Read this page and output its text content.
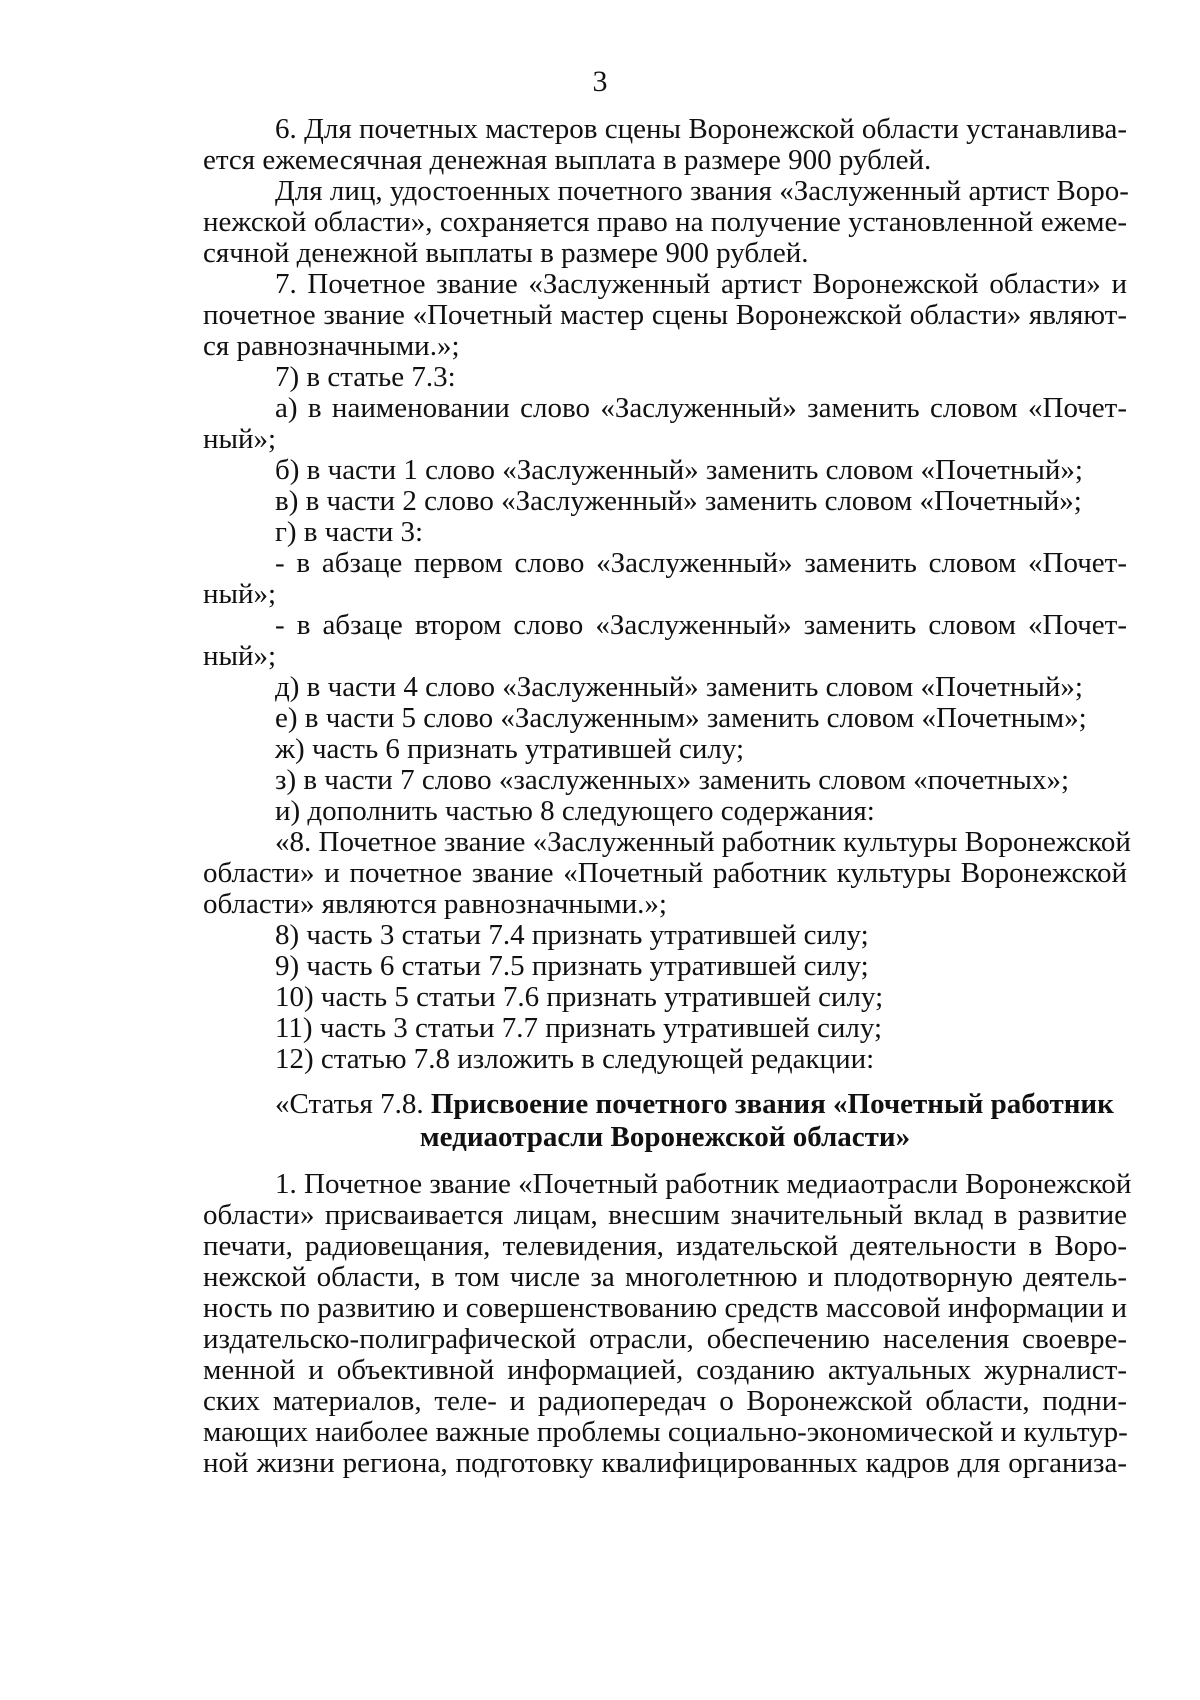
3
6. Для почетных мастеров сцены Воронежской области устанавлива-
ется ежемесячная денежная выплата в размере 900 рублей.
Для лиц, удостоенных почетного звания «Заслуженный артист Воро-
нежской области», сохраняется право на получение установленной ежеме-
сячной денежной выплаты в размере 900 рублей.
7. Почетное звание «Заслуженный артист Воронежской области» и
почетное звание «Почетный мастер сцены Воронежской области» являют-
ся равнозначными.»;
7) в статье 7.3:
а) в наименовании слово «Заслуженный» заменить словом «Почет-
ный»;
б) в части 1 слово «Заслуженный» заменить словом «Почетный»;
в) в части 2 слово «Заслуженный» заменить словом «Почетный»;
г) в части 3:
- в абзаце первом слово «Заслуженный» заменить словом «Почет-
ный»;
- в абзаце втором слово «Заслуженный» заменить словом «Почет-
ный»;
д) в части 4 слово «Заслуженный» заменить словом «Почетный»;
е) в части 5 слово «Заслуженным» заменить словом «Почетным»;
ж) часть 6 признать утратившей силу;
з) в части 7 слово «заслуженных» заменить словом «почетных»;
и) дополнить частью 8 следующего содержания:
«8. Почетное звание «Заслуженный работник культуры Воронежской
области» и почетное звание «Почетный работник культуры Воронежской
области» являются равнозначными.»;
8) часть 3 статьи 7.4 признать утратившей силу;
9) часть 6 статьи 7.5 признать утратившей силу;
10) часть 5 статьи 7.6 признать утратившей силу;
11) часть 3 статьи 7.7 признать утратившей силу;
12) статью 7.8 изложить в следующей редакции:
«Статья 7.8. Присвоение почетного звания «Почетный работник
медиаотрасли Воронежской области»
1. Почетное звание «Почетный работник медиаотрасли Воронежской
области» присваивается лицам, внесшим значительный вклад в развитие
печати, радиовещания, телевидения, издательской деятельности в Воро-
нежской области, в том числе за многолетнюю и плодотворную деятель-
ность по развитию и совершенствованию средств массовой информации и
издательско-полиграфической отрасли, обеспечению населения своевре-
менной и объективной информацией, созданию актуальных журналист-
ских материалов, теле- и радиопередач о Воронежской области, подни-
мающих наиболее важные проблемы социально-экономической и культур-
ной жизни региона, подготовку квалифицированных кадров для организа-
